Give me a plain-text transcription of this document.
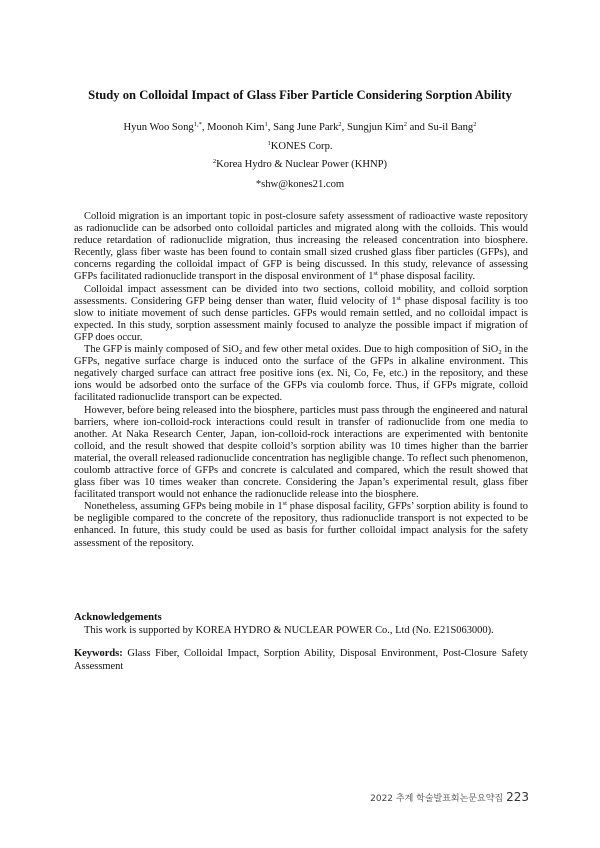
Study on Colloidal Impact of Glass Fiber Particle Considering Sorption Ability
Hyun Woo Song$^{1,*}$, Moonoh Kim$^1$, Sang June Park$^2$, Sungjun Kim$^2$ and Su-il Bang$^2$
$^1$KONES Corp.
$^2$Korea Hydro & Nuclear Power (KHNP)
*shw@kones21.com

Colloid migration is an important topic in post-closure safety assessment of radioactive waste repository as radionuclide can be adsorbed onto colloidal particles and migrated along with the colloids. This would reduce retardation of radionuclide migration, thus increasing the released concentration into biosphere. Recently, glass fiber waste has been found to contain small sized crushed glass fiber particles (GFPs), and concerns regarding the colloidal impact of GFP is being discussed. In this study, relevance of assessing GFPs facilitated radionuclide transport in the disposal environment of 1st phase disposal facility.

Colloidal impact assessment can be divided into two sections, colloid mobility, and colloid sorption assessments. Considering GFP being denser than water, fluid velocity of 1st phase disposal facility is too slow to initiate movement of such dense particles. GFPs would remain settled, and no colloidal impact is expected. In this study, sorption assessment mainly focused to analyze the possible impact if migration of GFP does occur.

The GFP is mainly composed of SiO$_2$ and few other metal oxides. Due to high composition of SiO$_2$ in the GFPs, negative surface charge is induced onto the surface of the GFPs in alkaline environment. This negatively charged surface can attract free positive ions (ex. Ni, Co, Fe, etc.) in the repository, and these ions would be adsorbed onto the surface of the GFPs via coulomb force. Thus, if GFPs migrate, colloid facilitated radionuclide transport can be expected.

However, before being released into the biosphere, particles must pass through the engineered and natural barriers, where ion-colloid-rock interactions could result in transfer of radionuclide from one media to another. At Naka Research Center, Japan, ion-colloid-rock interactions are experimented with bentonite colloid, and the result showed that despite colloid’s sorption ability was 10 times higher than the barrier material, the overall released radionuclide concentration has negligible change. To reflect such phenomenon, coulomb attractive force of GFPs and concrete is calculated and compared, which the result showed that glass fiber was 10 times weaker than concrete. Considering the Japan’s experimental result, glass fiber facilitated transport would not enhance the radionuclide release into the biosphere.

Nonetheless, assuming GFPs being mobile in 1st phase disposal facility, GFPs’ sorption ability is found to be negligible compared to the concrete of the repository, thus radionuclide transport is not expected to be enhanced. In future, this study could be used as basis for further colloidal impact analysis for the safety assessment of the repository.

Acknowledgements
This work is supported by KOREA HYDRO & NUCLEAR POWER Co., Ltd (No. E21S063000).
Keywords: Glass Fiber, Colloidal Impact, Sorption Ability, Disposal Environment, Post-Closure Safety Assessment
2022 추계 학술발표회논문요약집 223
